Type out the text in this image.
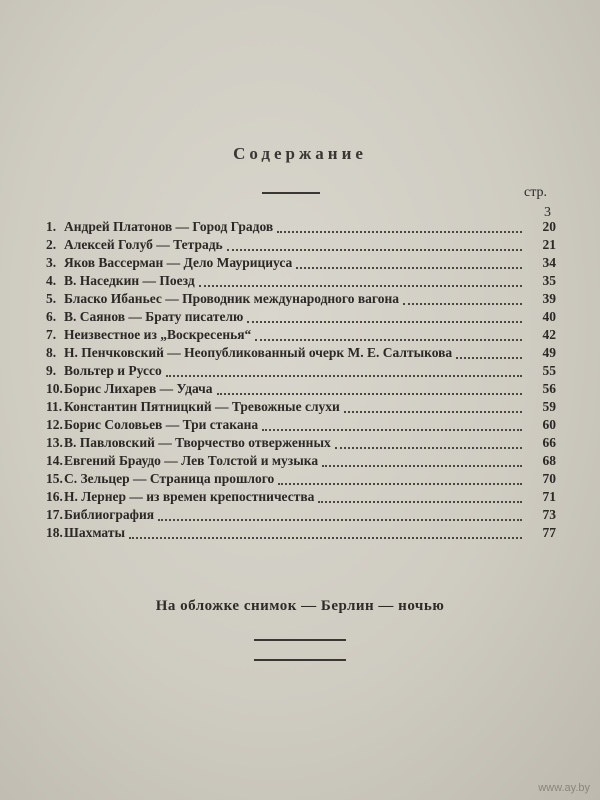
Содержание
стр.
3
1. Андрей Платонов — Город Градов	20
2. Алексей Голуб — Тетрадь	21
3. Яков Вассерман — Дело Маурициуса	34
4. В. Наседкин — Поезд	35
5. Бласко Ибаньес — Проводник международного вагона	39
6. В. Саянов — Брату писателю	40
7. Неизвестное из „Воскресенья“	42
8. Н. Пенчковский — Неопубликованный очерк М. Е. Салтыкова	49
9. Вольтер и Руссо	55
10. Борис Лихарев — Удача	56
11. Константин Пятницкий — Тревожные слухи	59
12. Борис Соловьев — Три стакана	60
13. В. Павловский — Творчество отверженных	66
14. Евгений Браудо — Лев Толстой и музыка	68
15. С. Зельцер — Страница прошлого	70
16. Н. Лернер — из времен крепостничества	71
17. Библиография	73
18. Шахматы	77
На обложке снимок — Берлин — ночью
www.ay.by
